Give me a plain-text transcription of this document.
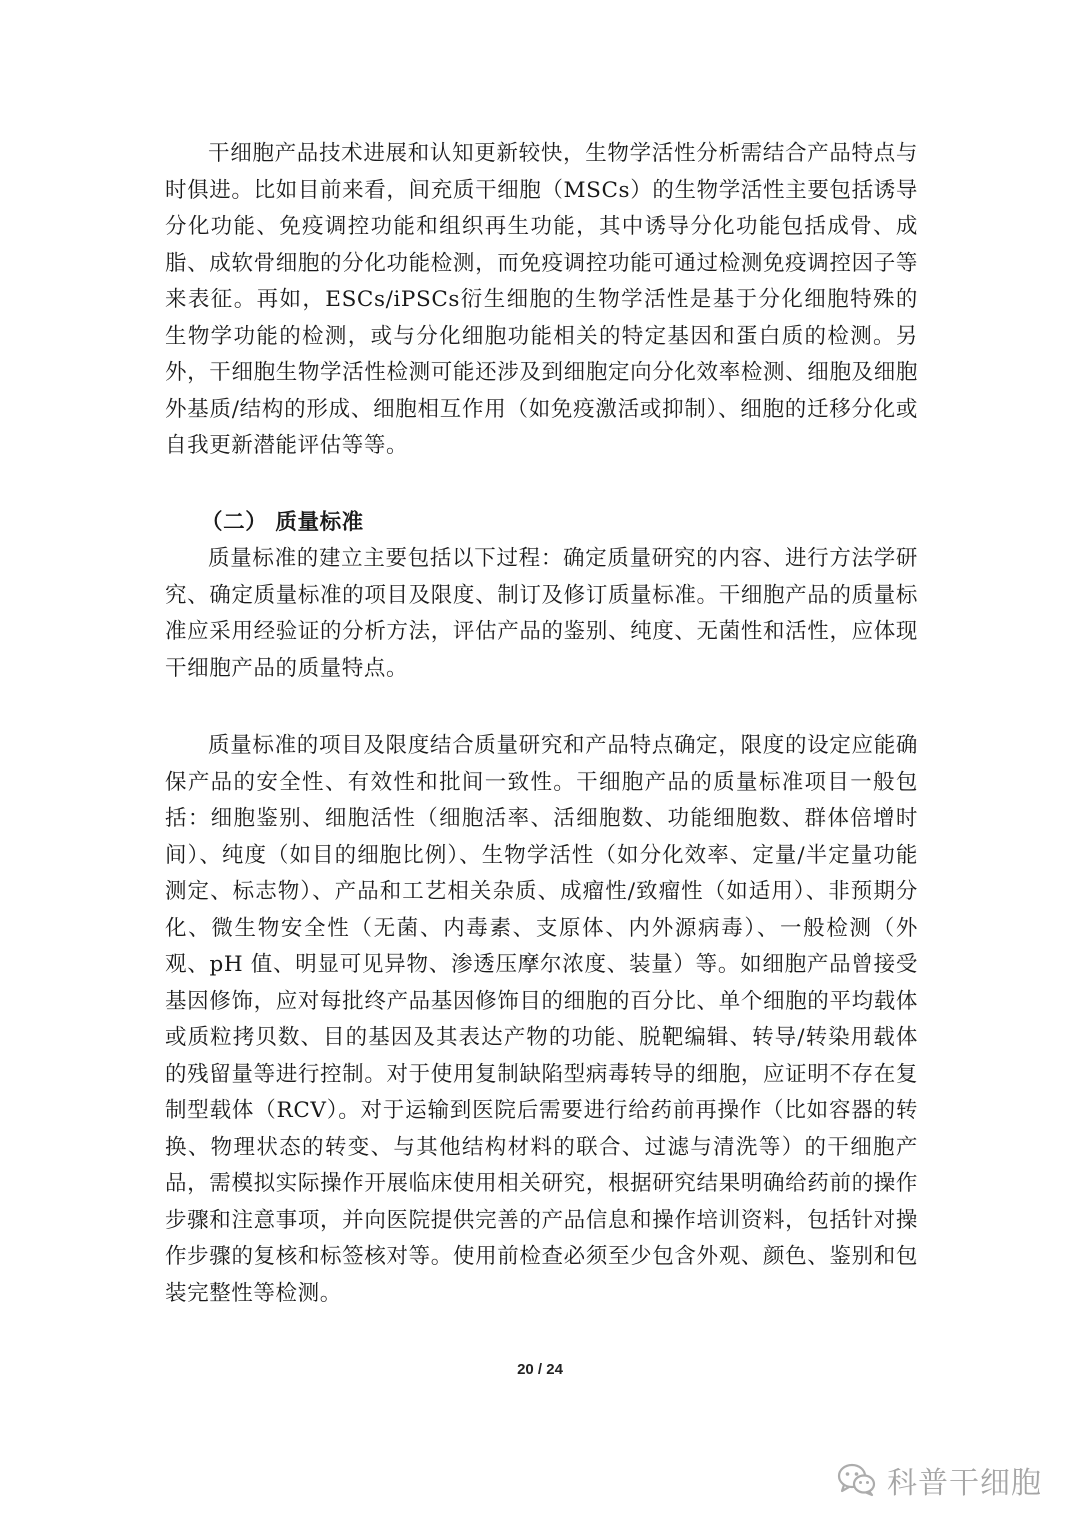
干细胞产品技术进展和认知更新较快，生物学活性分析需结合产品特点与时俱进。比如目前来看，间充质干细胞（MSCs）的生物学活性主要包括诱导分化功能、免疫调控功能和组织再生功能，其中诱导分化功能包括成骨、成脂、成软骨细胞的分化功能检测，而免疫调控功能可通过检测免疫调控因子等来表征。再如，ESCs/iPSCs衍生细胞的生物学活性是基于分化细胞特殊的生物学功能的检测，或与分化细胞功能相关的特定基因和蛋白质的检测。另外，干细胞生物学活性检测可能还涉及到细胞定向分化效率检测、细胞及细胞外基质/结构的形成、细胞相互作用（如免疫激活或抑制）、细胞的迁移分化或自我更新潜能评估等等。

（二） 质量标准

质量标准的建立主要包括以下过程：确定质量研究的内容、进行方法学研究、确定质量标准的项目及限度、制订及修订质量标准。干细胞产品的质量标准应采用经验证的分析方法，评估产品的鉴别、纯度、无菌性和活性，应体现干细胞产品的质量特点。

质量标准的项目及限度结合质量研究和产品特点确定，限度的设定应能确保产品的安全性、有效性和批间一致性。干细胞产品的质量标准项目一般包括：细胞鉴别、细胞活性（细胞活率、活细胞数、功能细胞数、群体倍增时间）、纯度（如目的细胞比例）、生物学活性（如分化效率、定量/半定量功能测定、标志物）、产品和工艺相关杂质、成瘤性/致瘤性（如适用）、非预期分化、微生物安全性（无菌、内毒素、支原体、内外源病毒）、一般检测（外观、pH 值、明显可见异物、渗透压摩尔浓度、装量）等。如细胞产品曾接受基因修饰，应对每批终产品基因修饰目的细胞的百分比、单个细胞的平均载体或质粒拷贝数、目的基因及其表达产物的功能、脱靶编辑、转导/转染用载体的残留量等进行控制。对于使用复制缺陷型病毒转导的细胞，应证明不存在复制型载体（RCV）。对于运输到医院后需要进行给药前再操作（比如容器的转换、物理状态的转变、与其他结构材料的联合、过滤与清洗等）的干细胞产品，需模拟实际操作开展临床使用相关研究，根据研究结果明确给药前的操作步骤和注意事项，并向医院提供完善的产品信息和操作培训资料，包括针对操作步骤的复核和标签核对等。使用前检查必须至少包含外观、颜色、鉴别和包装完整性等检测。

20 / 24
科普干细胞
